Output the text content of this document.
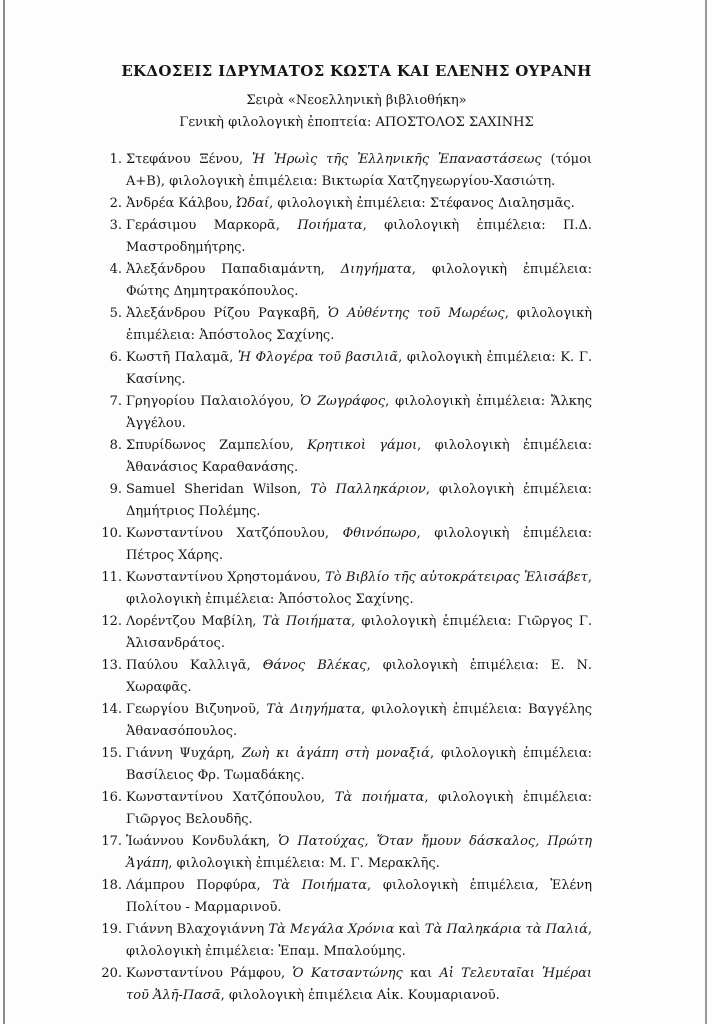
ΕΚΔΟΣΕΙΣ ΙΔΡΥΜΑΤΟΣ ΚΩΣΤΑ ΚΑΙ ΕΛΕΝΗΣ ΟΥΡΑΝΗ
Σειρὰ «Νεοελληνικὴ βιβλιοθήκη»
Γενικὴ φιλολογικὴ ἐποπτεία: ΑΠΟΣΤΟΛΟΣ ΣΑΧΙΝΗΣ
1. Στεφάνου Ξένου, Ἡ Ἡρωὶς τῆς Ἑλληνικῆς Ἐπαναστάσεως (τόμοι Α+Β), φιλολογικὴ ἐπιμέλεια: Βικτωρία Χατζηγεωργίου-Χασιώτη.
2. Ἀνδρέα Κάλβου, Ὠδαί, φιλολογικὴ ἐπιμέλεια: Στέφανος Διαλησμᾶς.
3. Γεράσιμου Μαρκορᾶ, Ποιήματα, φιλολογικὴ ἐπιμέλεια: Π.Δ. Μαστροδημήτρης.
4. Ἀλεξάνδρου Παπαδιαμάντη, Διηγήματα, φιλολογικὴ ἐπιμέλεια: Φώτης Δημητρακόπουλος.
5. Ἀλεξάνδρου Ρίζου Ραγκαβῆ, Ὁ Αὐθέντης τοῦ Μωρέως, φιλολογικὴ ἐπιμέλεια: Ἀπόστολος Σαχίνης.
6. Κωστῆ Παλαμᾶ, Ἡ Φλογέρα τοῦ βασιλιᾶ, φιλολογικὴ ἐπιμέλεια: Κ. Γ. Κασίνης.
7. Γρηγορίου Παλαιολόγου, Ὁ Ζωγράφος, φιλολογικὴ ἐπιμέλεια: Ἄλκης Ἀγγέλου.
8. Σπυρίδωνος Ζαμπελίου, Κρητικοὶ γάμοι, φιλολογικὴ ἐπιμέλεια: Ἀθανάσιος Καραθανάσης.
9. Samuel Sheridan Wilson, Τὸ Παλληκάριον, φιλολογικὴ ἐπιμέλεια: Δημήτριος Πολέμης.
10. Κωνσταντίνου Χατζόπουλου, Φθινόπωρο, φιλολογικὴ ἐπιμέλεια: Πέτρος Χάρης.
11. Κωνσταντίνου Χρηστομάνου, Τὸ Βιβλίο τῆς αὐτοκράτειρας Ἐλισάβετ, φιλολογικὴ ἐπιμέλεια: Ἀπόστολος Σαχίνης.
12. Λορέντζου Μαβίλη, Τὰ Ποιήματα, φιλολογικὴ ἐπιμέλεια: Γιῶργος Γ. Ἀλισανδράτος.
13. Παύλου Καλλιγᾶ, Θάνος Βλέκας, φιλολογικὴ ἐπιμέλεια: Ε. Ν. Χωραφᾶς.
14. Γεωργίου Βιζυηνοῦ, Τὰ Διηγήματα, φιλολογικὴ ἐπιμέλεια: Βαγγέλης Ἀθανασόπουλος.
15. Γιάννη Ψυχάρη, Ζωὴ κι ἀγάπη στὴ μοναξιά, φιλολογικὴ ἐπιμέλεια: Βασίλειος Φρ. Τωμαδάκης.
16. Κωνσταντίνου Χατζόπουλου, Τὰ ποιήματα, φιλολογικὴ ἐπιμέλεια: Γιῶργος Βελουδῆς.
17. Ἰωάννου Κονδυλάκη, Ὁ Πατούχας, Ὅταν ἤμουν δάσκαλος, Πρώτη Ἀγάπη, φιλολογικὴ ἐπιμέλεια: Μ. Γ. Μερακλῆς.
18. Λάμπρου Πορφύρα, Τὰ Ποιήματα, φιλολογικὴ ἐπιμέλεια, Ἑλένη Πολίτου - Μαρμαρινοῦ.
19. Γιάννη Βλαχογιάννη Τὰ Μεγάλα Χρόνια καὶ Τὰ Παληκάρια τὰ Παλιά, φιλολογικὴ ἐπιμέλεια: Ἐπαμ. Μπαλούμης.
20. Κωνσταντίνου Ράμφου, Ὁ Κατσαντώνης και Αἱ Τελευταῖαι Ἡμέραι τοῦ Ἀλῆ-Πασᾶ, φιλολογικὴ ἐπιμέλεια Αἰκ. Κουμαριανοῦ.
